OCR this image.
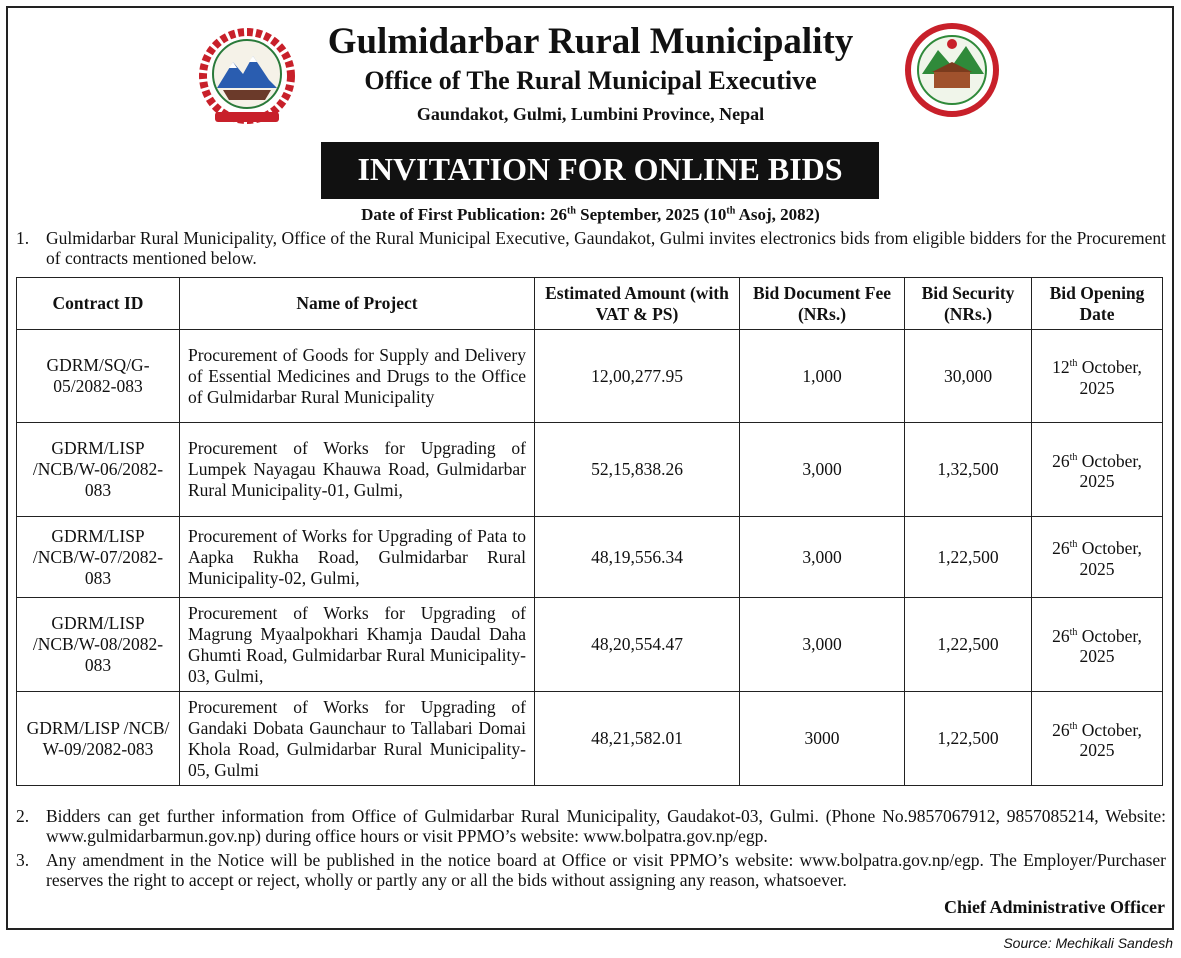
Gulmidarbar Rural Municipality
Office of The Rural Municipal Executive
Gaundakot, Gulmi, Lumbini Province, Nepal
INVITATION FOR ONLINE BIDS
Date of First Publication: 26th September, 2025 (10th Asoj, 2082)
1. Gulmidarbar Rural Municipality, Office of the Rural Municipal Executive, Gaundakot, Gulmi invites electronics bids from eligible bidders for the Procurement of contracts mentioned below.
Contract ID	Name of Project	Estimated Amount (with VAT & PS)	Bid Document Fee (NRs.)	Bid Security (NRs.)	Bid Opening Date
GDRM/SQ/G-05/2082-083	Procurement of Goods for Supply and Delivery of Essential Medicines and Drugs to the Office of Gulmidarbar Rural Municipality	12,00,277.95	1,000	30,000	12th October, 2025
GDRM/LISP /NCB/W-06/2082-083	Procurement of Works for Upgrading of Lumpek Nayagau Khauwa Road, Gulmidarbar Rural Municipality-01, Gulmi,	52,15,838.26	3,000	1,32,500	26th October, 2025
GDRM/LISP /NCB/W-07/2082-083	Procurement of Works for Upgrading of Pata to Aapka Rukha Road, Gulmidarbar Rural Municipality-02, Gulmi,	48,19,556.34	3,000	1,22,500	26th October, 2025
GDRM/LISP /NCB/W-08/2082-083	Procurement of Works for Upgrading of Magrung Myaalpokhari Khamja Daudal Daha Ghumti Road, Gulmidarbar Rural Municipality-03, Gulmi,	48,20,554.47	3,000	1,22,500	26th October, 2025
GDRM/LISP /NCB/ W-09/2082-083	Procurement of Works for Upgrading of Gandaki Dobata Gaunchaur to Tallabari Domai Khola Road, Gulmidarbar Rural Municipality-05, Gulmi	48,21,582.01	3000	1,22,500	26th October, 2025
2. Bidders can get further information from Office of Gulmidarbar Rural Municipality, Gaudakot-03, Gulmi. (Phone No.9857067912, 9857085214, Website: www.gulmidarbarmun.gov.np) during office hours or visit PPMO’s website: www.bolpatra.gov.np/egp.
3. Any amendment in the Notice will be published in the notice board at Office or visit PPMO’s website: www.bolpatra.gov.np/egp. The Employer/Purchaser reserves the right to accept or reject, wholly or partly any or all the bids without assigning any reason, whatsoever.
Chief Administrative Officer
Source: Mechikali Sandesh
